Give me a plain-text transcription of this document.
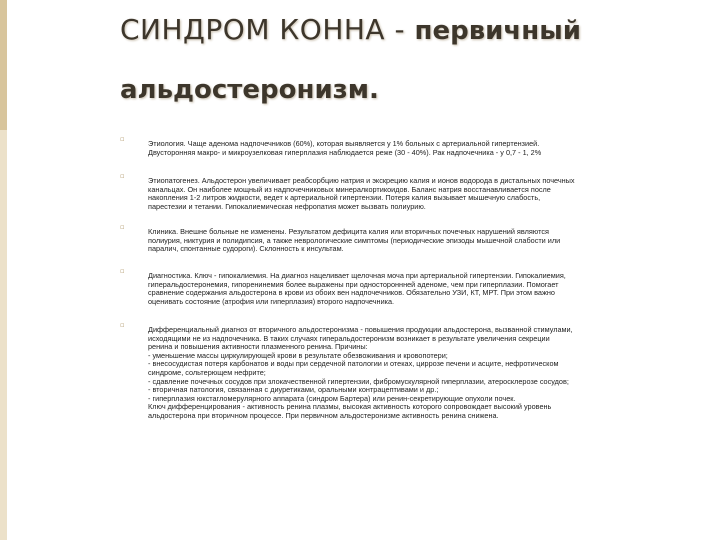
СИНДРОМ КОННА - первичный
альдостеронизм.
▫	Этиология. Чаще аденома надпочечников (60%), которая выявляется у 1% больных с артериальной гипертензией.
Двусторонняя макро- и микроузелковая гиперплазия наблюдается реже (30 - 40%). Рак надпочечника - у 0,7 - 1, 2%
▫	Этиопатогенез. Альдостерон увеличивает реабсорбцию натрия и экскрецию калия и ионов водорода в дистальных почечных
канальцах. Он наиболее мощный из надпочечниковых минералкортикоидов. Баланс натрия восстанавливается после
накопления 1-2 литров жидкости, ведет к артериальной гипертензии. Потеря калия вызывает мышечную слабость,
парестезии и тетании. Гипокалиемическая нефропатия может вызвать полиурию.
▫	Клиника. Внешне больные не изменены. Результатом дефицита калия или вторичных почечных нарушений являются
полиурия, никтурия и полидипсия, а также неврологические симптомы (периодические эпизоды мышечной слабости или
паралич, спонтанные судороги). Склонность к инсультам.
▫	Диагностика. Ключ - гипокалиемия. На диагноз нацеливает щелочная моча при артериальной гипертензии. Гипокалиемия,
гиперальдостеронемия, гипоренинемия более выражены при одностороннней аденоме, чем при гиперплазии. Помогает
сравнение содержания альдостерона в крови из обоих вен надпочечников. Обязательно УЗИ, КТ, МРТ. При этом важно
оценивать состояние (атрофия или гиперплазия) второго надпочечника.
▫	Дифференциальный диагноз от вторичного альдостеронизма - повышения продукции альдостерона, вызванной стимулами,
исходящими не из надпочечника. В таких случаях гиперальдостеронизм возникает в результате увеличения секреции
ренина и повышения активности плазменного ренина. Причины:
- уменьшение массы циркулирующей крови в результате обезвоживания и кровопотери;
- внесосудистая потеря карбонатов и воды при сердечной патологии и отеках, циррозе печени и асците, нефротическом
синдроме, сольтерющем нефрите;
- сдавление почечных сосудов при злокачественной гипертензии, фибромускулярной гиперплазии, атеросклерозе сосудов;
- вторичная патология, связанная с диуретиками, оральными контрацептивами и др.;
- гиперплазия юкстагломерулярного аппарата (синдром Бартера) или ренин-секретирующие опухоли почек.
Ключ дифференцирования - активность ренина плазмы, высокая активность которого сопровождает высокий уровень
альдостерона при вторичном процессе. При первичном альдостеронизме активность ренина снижена.
